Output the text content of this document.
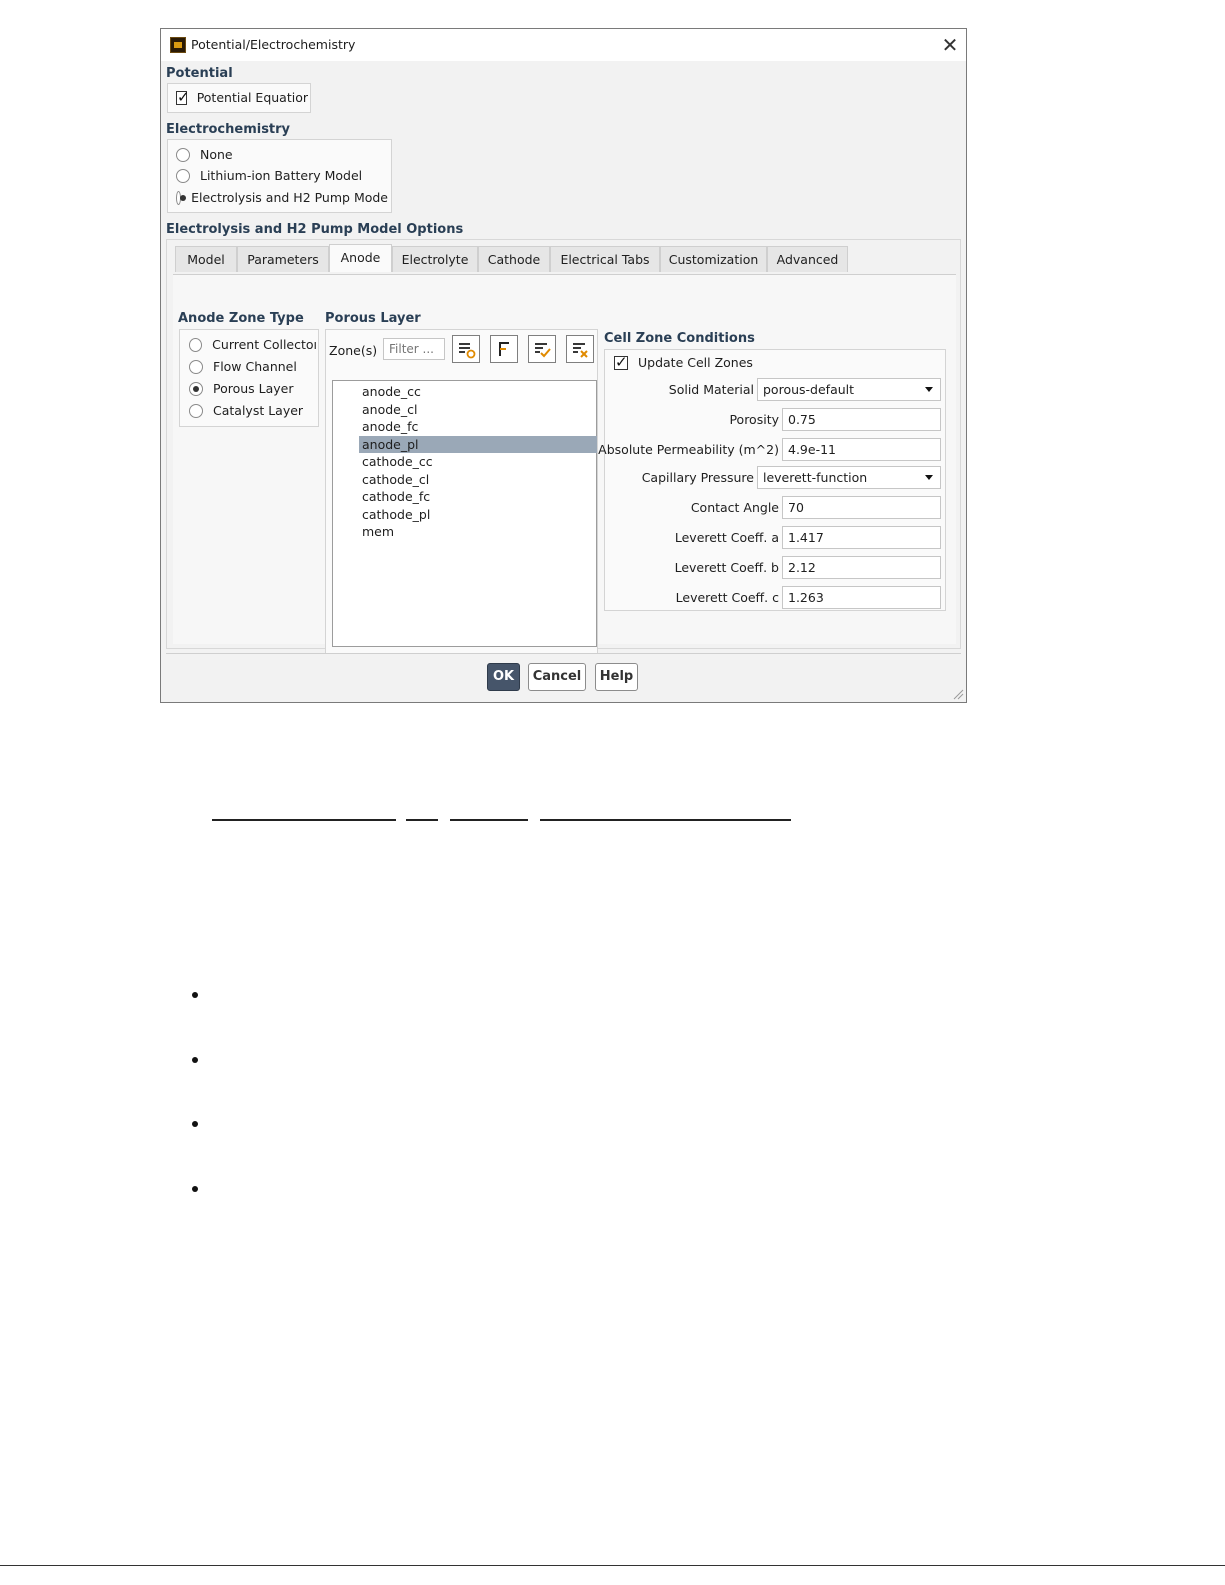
Potential/Electrochemistry	✕
Potential
✓
Potential Equatior
Electrochemistry
None
Lithium-ion Battery Model
Electrolysis and H2 Pump Mode
Electrolysis and H2 Pump Model Options
Model	Parameters	Anode	Electrolyte	Cathode	Electrical Tabs	Customization	Advanced
Anode Zone Type
Current Collectoı
Flow Channel
Porous Layer
Catalyst Layer
Porous Layer
Zone(s)
Filter ...
anode_cc
anode_cl
anode_fc
anode_pl
cathode_cc
cathode_cl
cathode_fc
cathode_pl
mem
Cell Zone Conditions
✓
Update Cell Zones
Solid Material porous-default
Porosity 0.75
Absolute Permeability (m^2) 4.9e-11
Capillary Pressure leverett-function
Contact Angle 70
Leverett Coeff. a 1.417
Leverett Coeff. b 2.12
Leverett Coeff. c 1.263
OK	Cancel	Help
